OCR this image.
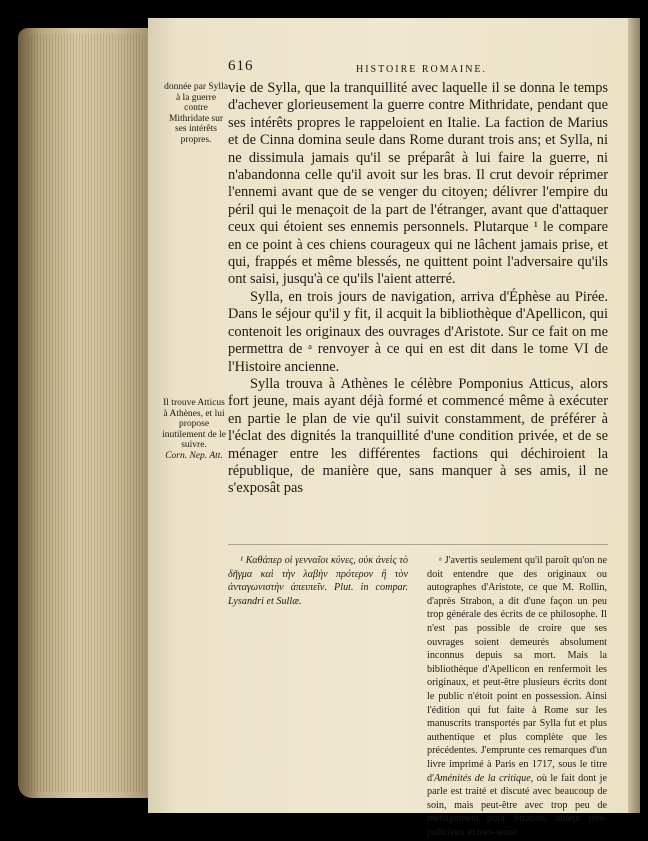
616	HISTOIRE ROMAINE.
donnée par Sylla à la guerre contre Mithridate sur ses intérêts propres.
Il trouve Atticus à Athènes, et lui propose inutilement de le suivre.
Corn. Nep. Att.

vie de Sylla, que la tranquillité avec laquelle il se donna le temps d'achever glorieusement la guerre contre Mithridate, pendant que ses intérêts propres le rappeloient en Italie. La faction de Marius et de Cinna domina seule dans Rome durant trois ans; et Sylla, ni ne dissimula jamais qu'il se préparât à lui faire la guerre, ni n'abandonna celle qu'il avoit sur les bras. Il crut devoir réprimer l'ennemi avant que de se venger du citoyen; délivrer l'empire du péril qui le menaçoit de la part de l'étranger, avant que d'attaquer ceux qui étoient ses ennemis personnels. Plutarque ¹ le compare en ce point à ces chiens courageux qui ne lâchent jamais prise, et qui, frappés et même blessés, ne quittent point l'adversaire qu'ils ont saisi, jusqu'à ce qu'ils l'aient atterré.

Sylla, en trois jours de navigation, arriva d'Éphèse au Pirée. Dans le séjour qu'il y fit, il acquit la bibliothèque d'Apellicon, qui contenoit les originaux des ouvrages d'Aristote. Sur ce fait on me permettra de ᵃ renvoyer à ce qui en est dit dans le tome VI de l'Histoire ancienne.

Sylla trouva à Athènes le célèbre Pomponius Atticus, alors fort jeune, mais ayant déjà formé et commencé même à exécuter en partie le plan de vie qu'il suivit constamment, de préférer à l'éclat des dignités la tranquillité d'une condition privée, et de se ménager entre les différentes factions qui déchiroient la république, de manière que, sans manquer à ses amis, il ne s'exposât pas

¹ Καθάπερ οἱ γενναῖοι κύνες, οὐκ ἀνεὶς τὸ δῆγμα καὶ τὴν λαβὴν πρότερον ἢ τὸν ἀνταγωνιστὴν ἀπειπεῖν. Plut. in compar. Lysandri et Sullæ.

ᵃ J'avertis seulement qu'il paroît qu'on ne doit entendre que des originaux ou autographes d'Aristote, ce que M. Rollin, d'après Strabon, a dit d'une façon un peu trop générale des écrits de ce philosophe. Il n'est pas possible de croire que ses ouvrages soient demeurés absolument inconnus depuis sa mort. Mais la bibliothèque d'Apellicon en renfermoit les originaux, et peut-être plusieurs écrits dont le public n'étoit point en possession. Ainsi l'édition qui fut faite à Rome sur les manuscrits transportés par Sylla fut et plus authentique et plus complète que les précédentes. J'emprunte ces remarques d'un livre imprimé à Paris en 1717, sous le titre d'Aménités de la critique, où le fait dont je parle est traité et discuté avec beaucoup de soin, mais peut-être avec trop peu de ménagement pour Strabon, auteur très-judicieux et très-sensé.
